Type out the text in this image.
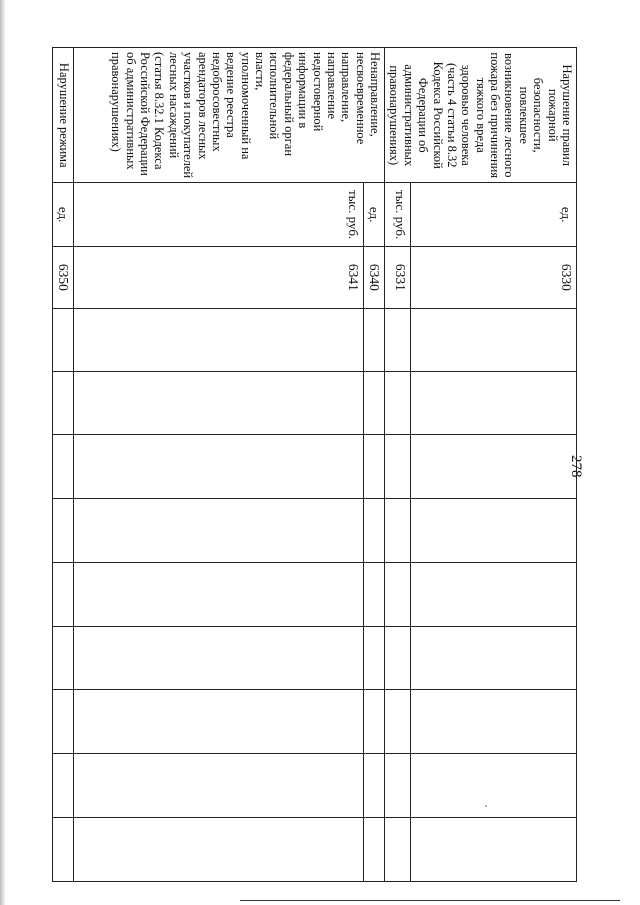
278
Нарушение правил пожарной безопасности, повлекшее возникновение лесного пожара без причинения тяжкого вреда здоровью человека (часть 4 статьи 8.32 Кодекса Российской Федерации об административных правонарушениях)	ед.	6330									
	тыс. руб.	6331									
Ненаправление, несвоевременное направление, направление недостоверной информации в федеральный орган исполнительной власти, уполномоченный на ведение реестра недобросовестных арендаторов лесных участков и покупателей лесных насаждений (статья 8.32.1 Кодекса Российской Федерации об административных правонарушениях)	ед.	6340									
	тыс. руб.	6341									
Нарушение режима	ед.	6350									
